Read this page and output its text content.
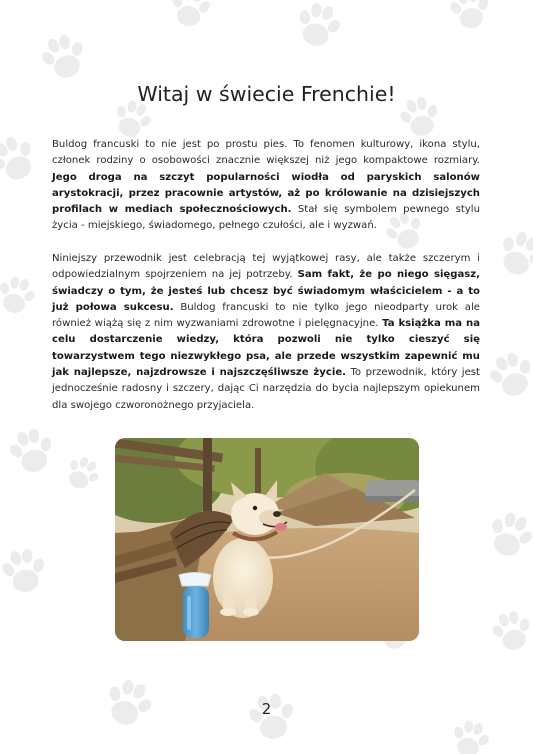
Witaj w świecie Frenchie!

Buldog francuski to nie jest po prostu pies. To fenomen kulturowy, ikona stylu, członek rodziny o osobowości znacznie większej niż jego kompaktowe rozmiary. Jego droga na szczyt popularności wiodła od paryskich salonów arystokracji, przez pracownie artystów, aż po królowanie na dzisiejszych profilach w mediach społecznościowych. Stał się symbolem pewnego stylu życia - miejskiego, świadomego, pełnego czułości, ale i wyzwań.

Niniejszy przewodnik jest celebracją tej wyjątkowej rasy, ale także szczerym i odpowiedzialnym spojrzeniem na jej potrzeby. Sam fakt, że po niego sięgasz, świadczy o tym, że jesteś lub chcesz być świadomym właścicielem - a to już połowa sukcesu. Buldog francuski to nie tylko jego nieodparty urok ale również wiążą się z nim wyzwaniami zdrowotne i pielęgnacyjne. Ta książka ma na celu dostarczenie wiedzy, która pozwoli nie tylko cieszyć się towarzystwem tego niezwykłego psa, ale przede wszystkim zapewnić mu jak najlepsze, najzdrowsze i najszczęśliwsze życie. To przewodnik, który jest jednocześnie radosny i szczery, dając Ci narzędzia do bycia najlepszym opiekunem dla swojego czworonożnego przyjaciela.

2
